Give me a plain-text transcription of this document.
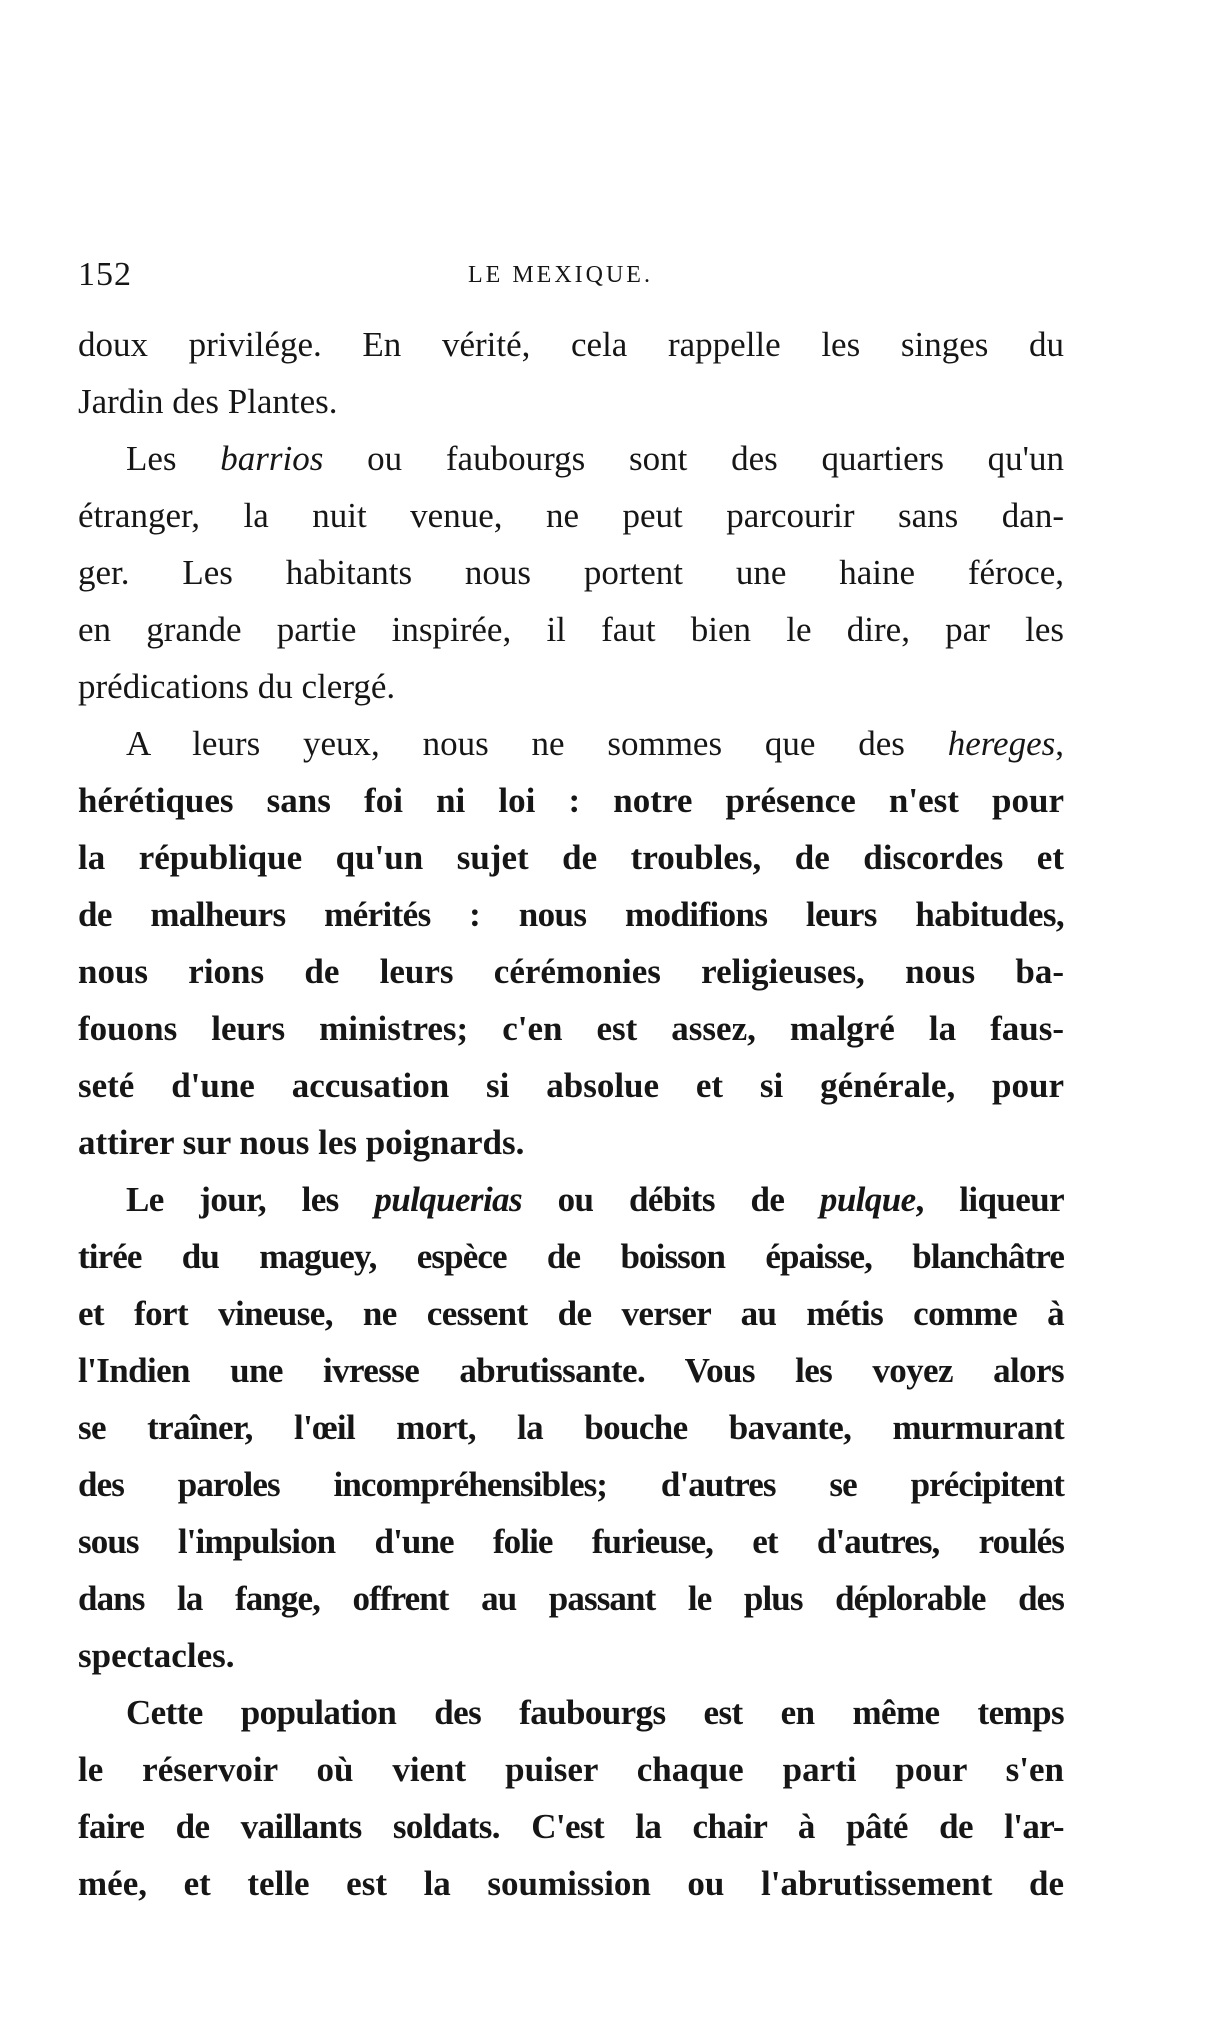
152	LE MEXIQUE.
doux privilége. En vérité, cela rappelle les singes du
Jardin des Plantes.
Les barrios ou faubourgs sont des quartiers qu'un
étranger, la nuit venue, ne peut parcourir sans dan-
ger. Les habitants nous portent une haine féroce,
en grande partie inspirée, il faut bien le dire, par les
prédications du clergé.
A leurs yeux, nous ne sommes que des hereges,
hérétiques sans foi ni loi : notre présence n'est pour
la république qu'un sujet de troubles, de discordes et
de malheurs mérités : nous modifions leurs habitudes,
nous rions de leurs cérémonies religieuses, nous ba-
fouons leurs ministres; c'en est assez, malgré la faus-
seté d'une accusation si absolue et si générale, pour
attirer sur nous les poignards.
Le jour, les pulquerias ou débits de pulque, liqueur
tirée du maguey, espèce de boisson épaisse, blanchâtre
et fort vineuse, ne cessent de verser au métis comme à
l'Indien une ivresse abrutissante. Vous les voyez alors
se traîner, l'œil mort, la bouche bavante, murmurant
des paroles incompréhensibles; d'autres se précipitent
sous l'impulsion d'une folie furieuse, et d'autres, roulés
dans la fange, offrent au passant le plus déplorable des
spectacles.
Cette population des faubourgs est en même temps
le réservoir où vient puiser chaque parti pour s'en
faire de vaillants soldats. C'est la chair à pâté de l'ar-
mée, et telle est la soumission ou l'abrutissement de
